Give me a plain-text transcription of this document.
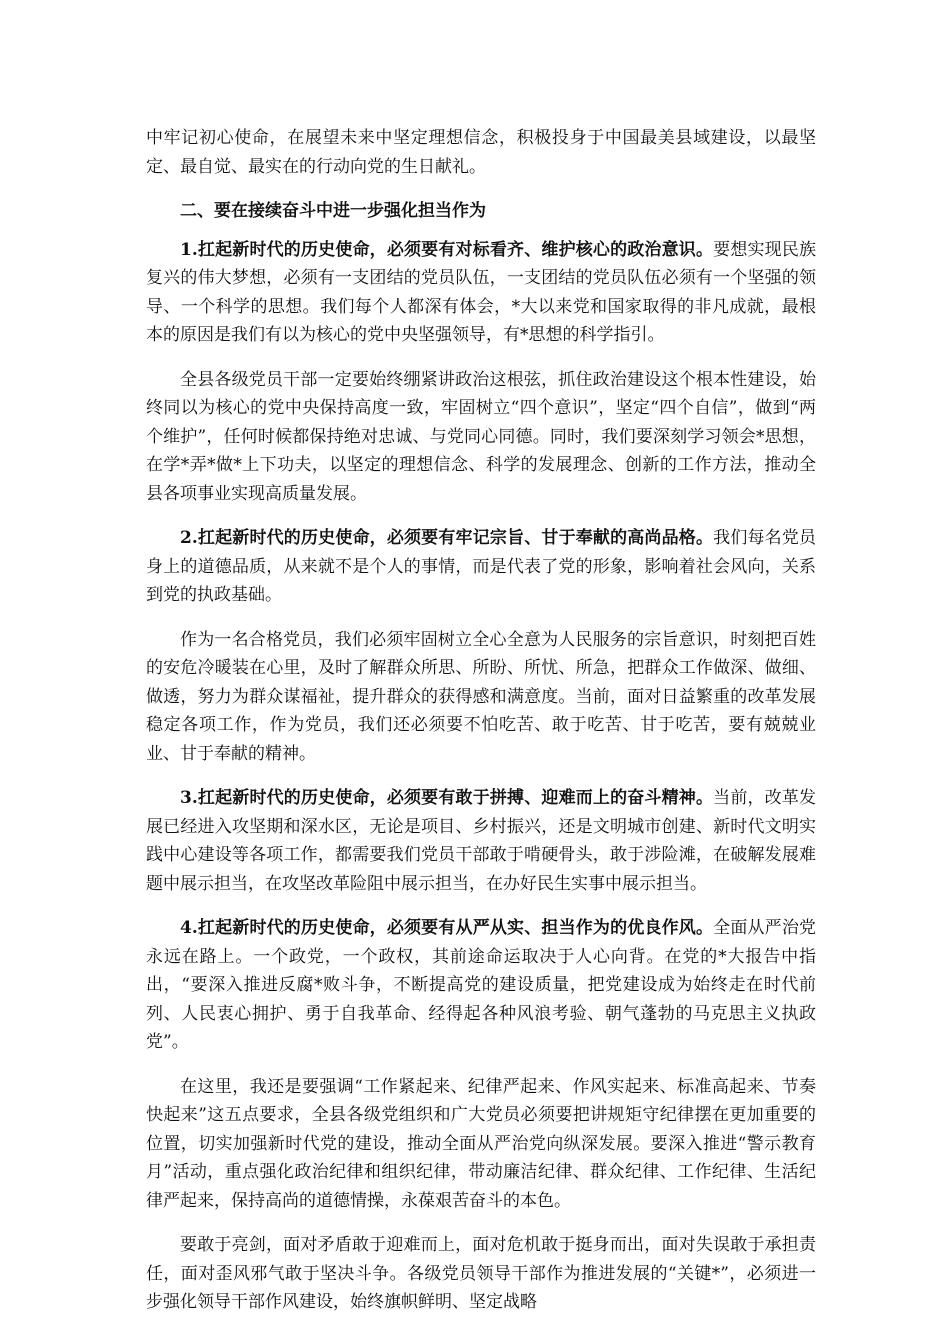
中牢记初心使命，在展望未来中坚定理想信念，积极投身于中国最美县域建设，以最坚定、最自觉、最实在的行动向党的生日献礼。

二、要在接续奋斗中进一步强化担当作为

1.扛起新时代的历史使命，必须要有对标看齐、维护核心的政治意识。要想实现民族复兴的伟大梦想，必须有一支团结的党员队伍，一支团结的党员队伍必须有一个坚强的领导、一个科学的思想。我们每个人都深有体会，*大以来党和国家取得的非凡成就，最根本的原因是我们有以为核心的党中央坚强领导，有*思想的科学指引。

全县各级党员干部一定要始终绷紧讲政治这根弦，抓住政治建设这个根本性建设，始终同以为核心的党中央保持高度一致，牢固树立“四个意识”，坚定“四个自信”，做到“两个维护”，任何时候都保持绝对忠诚、与党同心同德。同时，我们要深刻学习领会*思想，在学*弄*做*上下功夫，以坚定的理想信念、科学的发展理念、创新的工作方法，推动全县各项事业实现高质量发展。

2.扛起新时代的历史使命，必须要有牢记宗旨、甘于奉献的高尚品格。我们每名党员身上的道德品质，从来就不是个人的事情，而是代表了党的形象，影响着社会风向，关系到党的执政基础。

作为一名合格党员，我们必须牢固树立全心全意为人民服务的宗旨意识，时刻把百姓的安危冷暖装在心里，及时了解群众所思、所盼、所忧、所急，把群众工作做深、做细、做透，努力为群众谋福祉，提升群众的获得感和满意度。当前，面对日益繁重的改革发展稳定各项工作，作为党员，我们还必须要不怕吃苦、敢于吃苦、甘于吃苦，要有兢兢业业、甘于奉献的精神。

3.扛起新时代的历史使命，必须要有敢于拼搏、迎难而上的奋斗精神。当前，改革发展已经进入攻坚期和深水区，无论是项目、乡村振兴，还是文明城市创建、新时代文明实践中心建设等各项工作，都需要我们党员干部敢于啃硬骨头，敢于涉险滩，在破解发展难题中展示担当，在攻坚改革险阻中展示担当，在办好民生实事中展示担当。

4.扛起新时代的历史使命，必须要有从严从实、担当作为的优良作风。全面从严治党永远在路上。一个政党，一个政权，其前途命运取决于人心向背。在党的*大报告中指出，“要深入推进反腐*败斗争，不断提高党的建设质量，把党建设成为始终走在时代前列、人民衷心拥护、勇于自我革命、经得起各种风浪考验、朝气蓬勃的马克思主义执政党”。

在这里，我还是要强调“工作紧起来、纪律严起来、作风实起来、标准高起来、节奏快起来”这五点要求，全县各级党组织和广大党员必须要把讲规矩守纪律摆在更加重要的位置，切实加强新时代党的建设，推动全面从严治党向纵深发展。要深入推进“警示教育月”活动，重点强化政治纪律和组织纪律，带动廉洁纪律、群众纪律、工作纪律、生活纪律严起来，保持高尚的道德情操，永葆艰苦奋斗的本色。

要敢于亮剑，面对矛盾敢于迎难而上，面对危机敢于挺身而出，面对失误敢于承担责任，面对歪风邪气敢于坚决斗争。各级党员领导干部作为推进发展的“关键*”，必须进一步强化领导干部作风建设，始终旗帜鲜明、坚定战略
